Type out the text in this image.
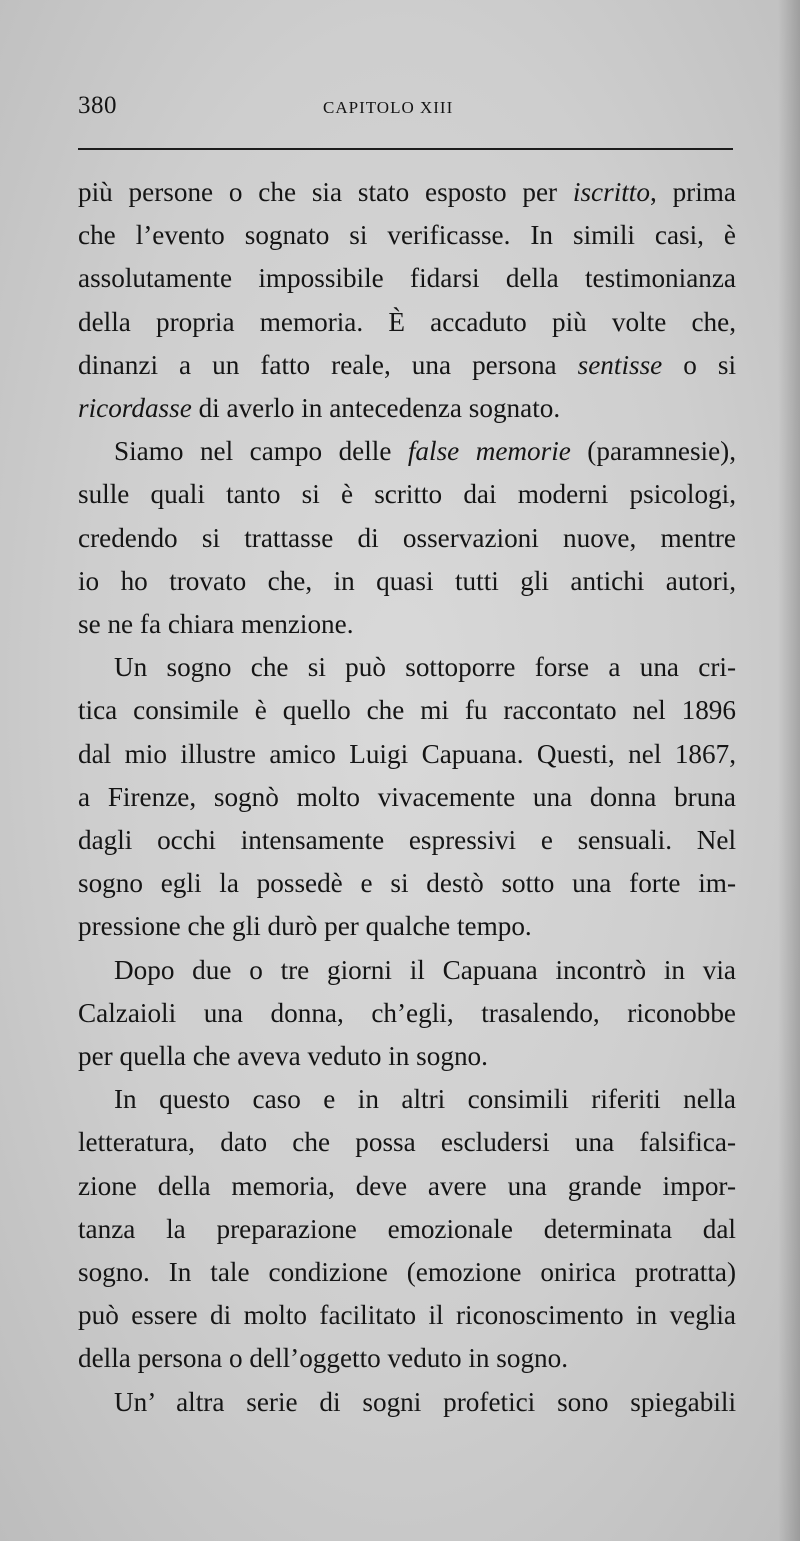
380	CAPITOLO XIII
più persone o che sia stato esposto per iscritto, prima
che l’evento sognato si verificasse. In simili casi, è
assolutamente impossibile fidarsi della testimonianza
della propria memoria. È accaduto più volte che,
dinanzi a un fatto reale, una persona sentisse o si
ricordasse di averlo in antecedenza sognato.
Siamo nel campo delle false memorie (paramnesie),
sulle quali tanto si è scritto dai moderni psicologi,
credendo si trattasse di osservazioni nuove, mentre
io ho trovato che, in quasi tutti gli antichi autori,
se ne fa chiara menzione.
Un sogno che si può sottoporre forse a una cri-
tica consimile è quello che mi fu raccontato nel 1896
dal mio illustre amico Luigi Capuana. Questi, nel 1867,
a Firenze, sognò molto vivacemente una donna bruna
dagli occhi intensamente espressivi e sensuali. Nel
sogno egli la possedè e si destò sotto una forte im-
pressione che gli durò per qualche tempo.
Dopo due o tre giorni il Capuana incontrò in via
Calzaioli una donna, ch’egli, trasalendo, riconobbe
per quella che aveva veduto in sogno.
In questo caso e in altri consimili riferiti nella
letteratura, dato che possa escludersi una falsifica-
zione della memoria, deve avere una grande impor-
tanza la preparazione emozionale determinata dal
sogno. In tale condizione (emozione onirica protratta)
può essere di molto facilitato il riconoscimento in veglia
della persona o dell’oggetto veduto in sogno.
Un’ altra serie di sogni profetici sono spiegabili
